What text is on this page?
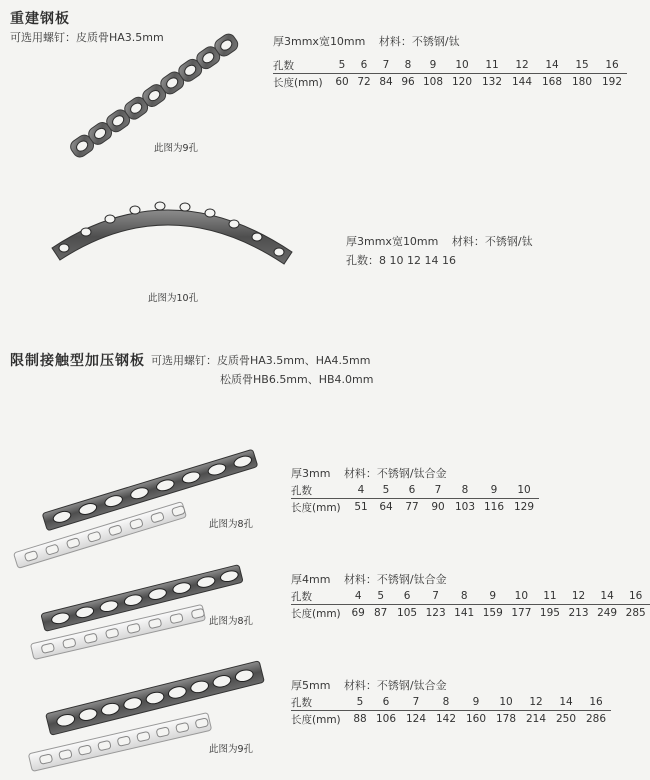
重建钢板
可选用螺钉：皮质骨HA3.5mm	厚3mmx宽10mm 材料：不锈钢/钛
孔数	5	6	7	8	9	10	11	12	14	15	16
长度(mm)	60	72	84	96	108	120	132	144	168	180	192
此图为9孔
厚3mmx宽10mm 材料：不锈钢/钛
孔数：8 10 12 14 16
此图为10孔
限制接触型加压钢板 可选用螺钉：皮质骨HA3.5mm、HA4.5mm
松质骨HB6.5mm、HB4.0mm
厚3mm 材料：不锈钢/钛合金
孔数	4	5	6	7	8	9	10
长度(mm)	51	64	77	90	103	116	129
此图为8孔
厚4mm 材料：不锈钢/钛合金
孔数	4	5	6	7	8	9	10	11	12	14	16
长度(mm)	69	87	105	123	141	159	177	195	213	249	285
此图为8孔
厚5mm 材料：不锈钢/钛合金
孔数	5	6	7	8	9	10	12	14	16
长度(mm)	88	106	124	142	160	178	214	250	286
此图为9孔
